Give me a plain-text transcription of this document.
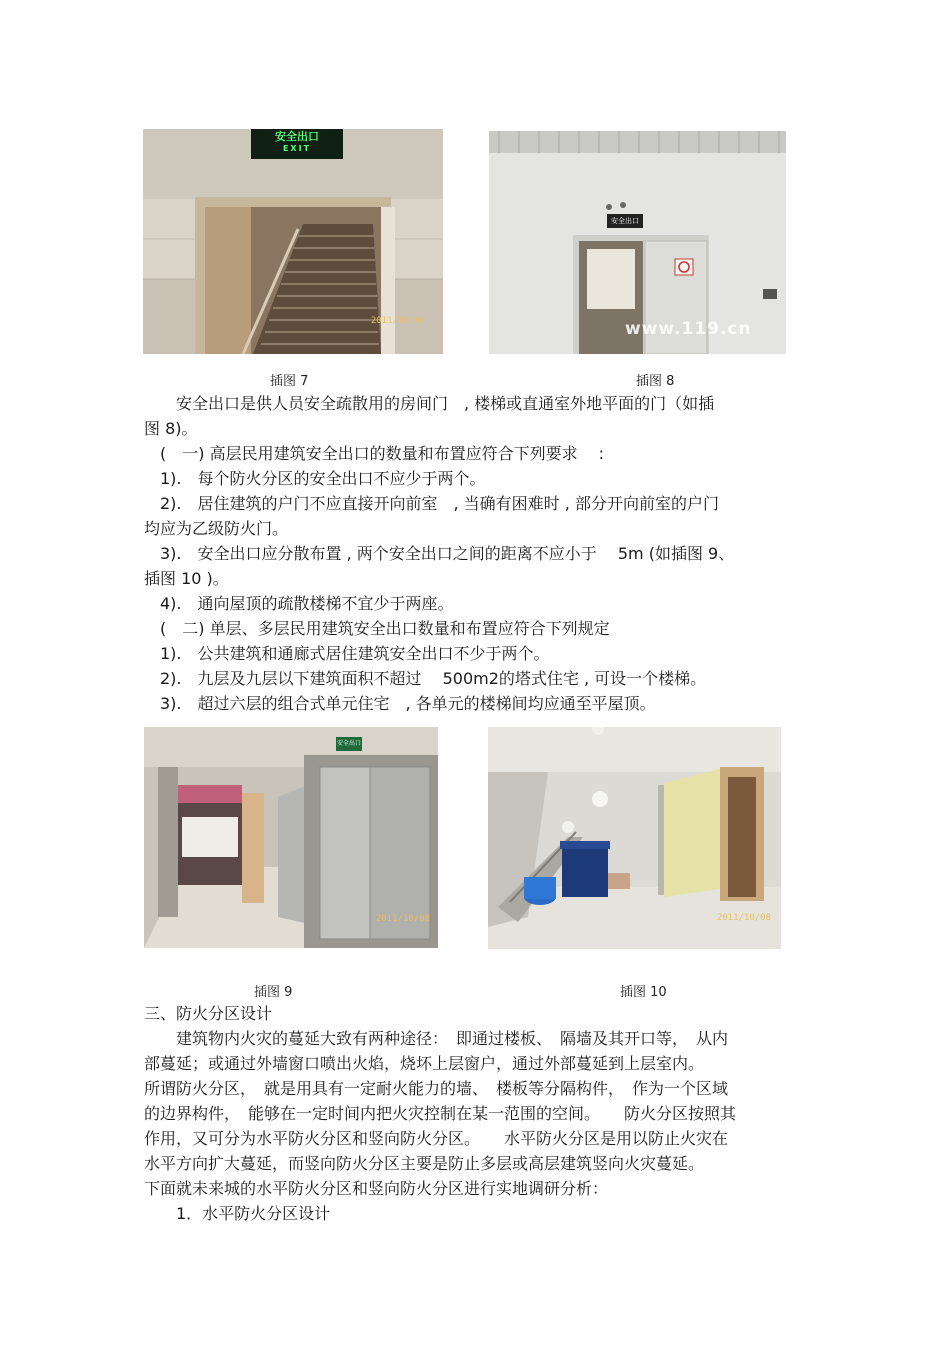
安全出口
EXIT
2011/10/08
插图 7
安全出口
www.119.cn
插图 8
　　安全出口是供人员安全疏散用的房间门　, 楼梯或直通室外地平面的门（如插
图 8)。
　(　一) 高层民用建筑安全出口的数量和布置应符合下列要求　 :
　1).　每个防火分区的安全出口不应少于两个。
　2).　居住建筑的户门不应直接开向前室　, 当确有困难时 , 部分开向前室的户门
均应为乙级防火门。
　3).　安全出口应分散布置 , 两个安全出口之间的距离不应小于　 5m (如插图 9、
插图 10 )。
　4).　通向屋顶的疏散楼梯不宜少于两座。
　(　二) 单层、多层民用建筑安全出口数量和布置应符合下列规定
　1).　公共建筑和通廊式居住建筑安全出口不少于两个。
　2).　九层及九层以下建筑面积不超过　 500m2的塔式住宅 , 可设一个楼梯。
　3).　超过六层的组合式单元住宅　, 各单元的楼梯间均应通至平屋顶。
安全出口
2011/10/08
插图 9
2011/10/08
插图 10
三、防火分区设计
　　建筑物内火灾的蔓延大致有两种途径：　即通过楼板、　隔墙及其开口等，　从内
部蔓延；或通过外墙窗口喷出火焰，烧坏上层窗户，通过外部蔓延到上层室内。
所谓防火分区，　就是用具有一定耐火能力的墙、　楼板等分隔构件，　作为一个区域
的边界构件，　能够在一定时间内把火灾控制在某一范围的空间。　　防火分区按照其
作用，又可分为水平防火分区和竖向防火分区。　　水平防火分区是用以防止火灾在
水平方向扩大蔓延，而竖向防火分区主要是防止多层或高层建筑竖向火灾蔓延。
下面就未来城的水平防火分区和竖向防火分区进行实地调研分析：
　　1．水平防火分区设计
